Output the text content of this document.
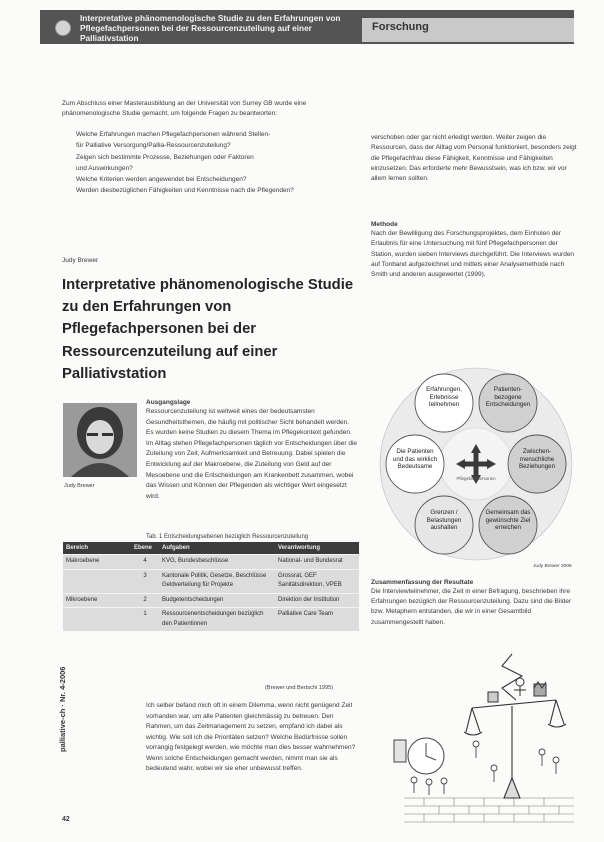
Interpretative phänomenologische Studie zu den Erfahrungen von Pflegefachpersonen bei der Ressourcenzuteilung auf einer Palliativstation
Forschung

Zum Abschluss einer Masterausbildung an der Universität von Surrey GB wurde eine phänomenologische Studie gemacht, um folgende Fragen zu beantworten:

Welche Erfahrungen machen Pflegefachpersonen während Stellen-
für Palliative Versorgung/Pallia-Ressourcenzuteilung?
Zeigen sich bestimmte Prozesse, Beziehungen oder Faktoren
und Auswirkungen?
Welche Kriterien werden angewendet bei Entscheidungen?
Werden diesbezüglichen Fähigkeiten und Kenntnisse nach die Pflegenden?
Judy Brewer
Interpretative phänomenologische Studie zu den Erfahrungen von Pflegefachpersonen bei der Ressourcenzuteilung auf einer Palliativstation
Judy Brewer
Ausgangslage

Ressourcenzuteilung ist weltweit eines der bedeutsamsten Gesundheitsthemen, die häufig mit politischer Sicht behandelt werden. Es wurden keine Studien zu diesem Thema im Pflegekontext gefunden. Im Alltag stehen Pflegefachpersonen täglich vor Entscheidungen über die Zuteilung von Zeit, Aufmerksamkeit und Betreuung. Dabei spielen die Entwicklung auf der Makroebene, die Zuteilung von Geld auf der Mesoebene und die Entscheidungen am Krankenbett zusammen, wobei das Wissen und Können der Pflegenden als wichtiger Wert eingesetzt wird.

Tab. 1 Entscheidungsebenen bezüglich Ressourcenzuteilung
Bereich	Ebene	Aufgaben	Verantwortung
Makroebene	4	KVG, Bundesbeschlüsse	National- und Bundesrat
	3	Kantonale Politik, Gesetze, Beschlüsse Geldverteilung für Projekte	Grossrat, GEF Sanitätsdirektion, VPEB
Mikroebene	2	Budgetentscheidungen	Direktion der Institution
	1	Ressourcenentscheidungen bezüglich den Patientinnen	Palliative Care Team
(Brewer und Bertschi 1995)

Ich selber befand mich oft in einem Dilemma, wenn nicht genügend Zeit vorhanden war, um alle Patienten gleichmässig zu betreuen. Den Rahmen, um das Zeitmanagement zu setzen, empfand ich dabei als wichtig. Wie soll ich die Prioritäten setzen? Welche Bedürfnisse sollen vorrangig festgelegt werden, wie möchte man dies besser wahrnehmen? Wenn solche Entscheidungen gemacht werden, nimmt man sie als bedeutend wahr, wobei wir sie eher unbewusst treffen.

palliative-ch · Nr. 4-2006
42

verschoben oder gar nicht erledigt werden. Weiter zeigen die Ressourcen, dass der Alltag vom Personal funktioniert, besonders zeigt die Pflegefachfrau diese Fähigkeit, Kenntnisse und Fähigkeiten einzusetzen. Das erforderte mehr Bewusstsein, was ich bzw. wir vor allem lernen sollten.

Methode

Nach der Bewilligung des Forschungsprojektes, dem Einholen der Erlaubnis für eine Untersuchung mit fünf Pflegefachpersonen der Station, wurden sieben Interviews durchgeführt. Die Interviews wurden auf Tonband aufgezeichnet und mittels einer Analysemethode nach Smith und anderen ausgewertet (1999).

Erfahrungen, Erlebnisse teilnehmen
Patienten-bezogene Entscheidungen
Zwischen-menschliche Beziehungen
Gemeinsam das gewünschte Ziel erreichen
Grenzen / Belastungen aushalten
Die Patienten und das wirklich Bedeutsame
Pflegefachpersonen
Judy Brewer 2006
Zusammenfassung der Resultate

Die Interviewteilnehmer, die Zeit in einer Befragung, beschrieben ihre Erfahrungen bezüglich der Ressourcenzuteilung. Dazu sind die Bilder bzw. Metaphern entstanden, die wir in einer Gesamtbild zusammengestellt haben.
